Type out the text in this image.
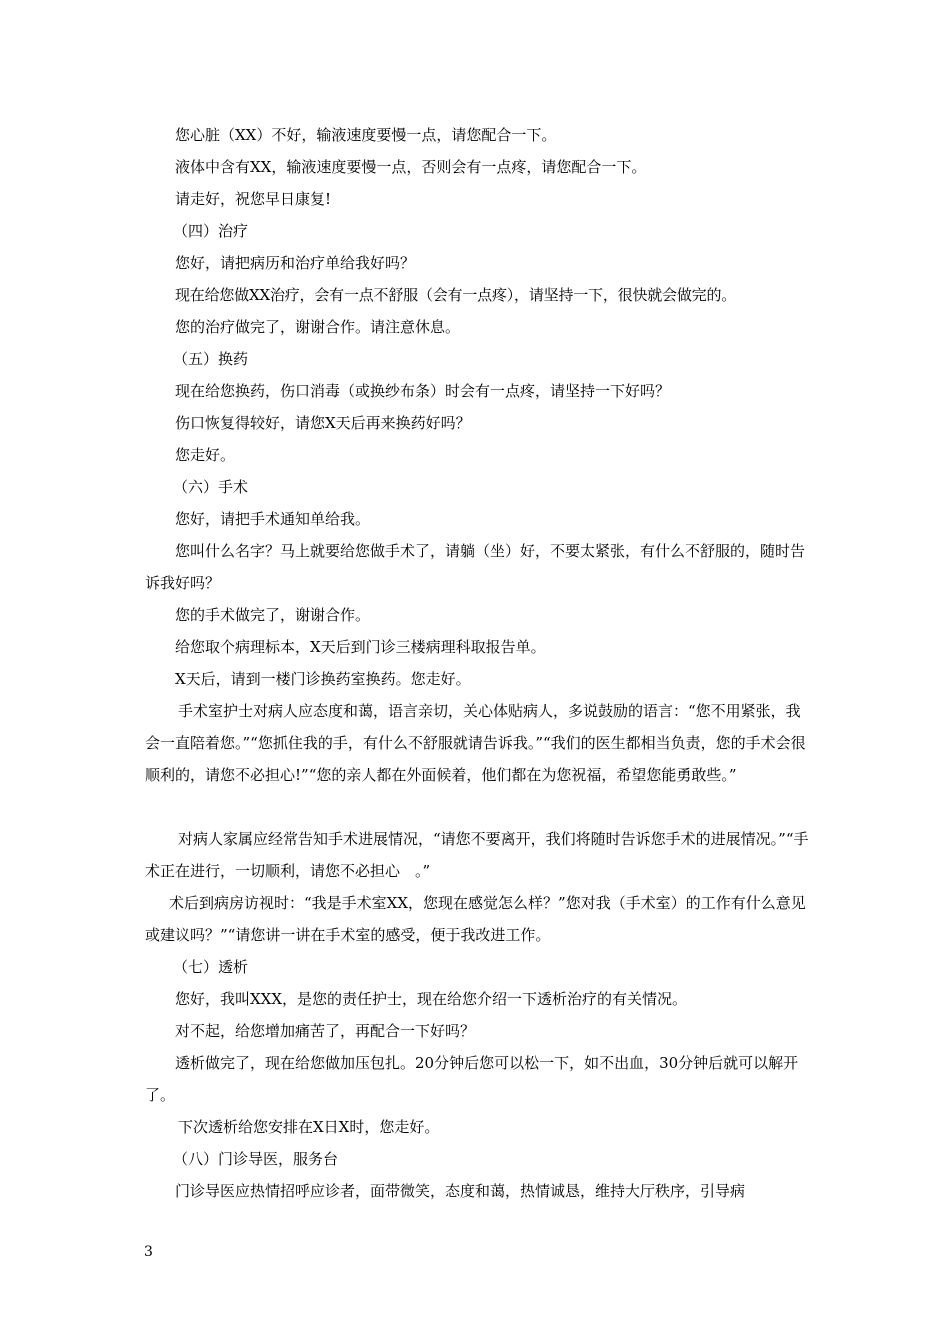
您心脏（XX）不好，输液速度要慢一点，请您配合一下。

液体中含有XX，输液速度要慢一点，否则会有一点疼，请您配合一下。

请走好，祝您早日康复!

（四）治疗

您好，请把病历和治疗单给我好吗？

现在给您做XX治疗，会有一点不舒服（会有一点疼），请坚持一下，很快就会做完的。

您的治疗做完了，谢谢合作。请注意休息。

（五）换药

现在给您换药，伤口消毒（或换纱布条）时会有一点疼，请坚持一下好吗？

伤口恢复得较好，请您X天后再来换药好吗？

您走好。

（六）手术

您好，请把手术通知单给我。

您叫什么名字？马上就要给您做手术了，请躺（坐）好，不要太紧张，有什么不舒服的，随时告诉我好吗？

您的手术做完了，谢谢合作。

给您取个病理标本，X天后到门诊三楼病理科取报告单。

X天后，请到一楼门诊换药室换药。您走好。

手术室护士对病人应态度和蔼，语言亲切，关心体贴病人，多说鼓励的语言：“您不用紧张，我会一直陪着您。”“您抓住我的手，有什么不舒服就请告诉我。”“我们的医生都相当负责，您的手术会很顺利的，请您不必担心!”“您的亲人都在外面候着，他们都在为您祝福，希望您能勇敢些。”

对病人家属应经常告知手术进展情况，“请您不要离开，我们将随时告诉您手术的进展情况。”“手术正在进行，一切顺利，请您不必担心　。”

术后到病房访视时：“我是手术室XX，您现在感觉怎么样？”您对我（手术室）的工作有什么意见或建议吗？”“请您讲一讲在手术室的感受，便于我改进工作。

（七）透析

您好，我叫XXX，是您的责任护士，现在给您介绍一下透析治疗的有关情况。

对不起，给您增加痛苦了，再配合一下好吗？

透析做完了，现在给您做加压包扎。20分钟后您可以松一下，如不出血，30分钟后就可以解开了。

下次透析给您安排在X日X时，您走好。

（八）门诊导医，服务台

门诊导医应热情招呼应诊者，面带微笑，态度和蔼，热情诚恳，维持大厅秩序，引导病

3
